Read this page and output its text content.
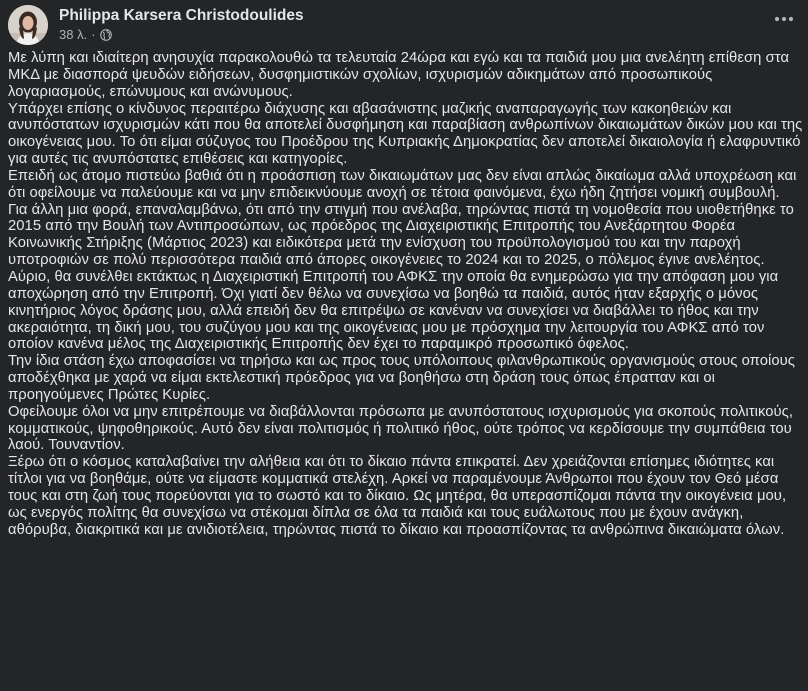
Philippa Karsera Christodoulides
38 λ. ·

Με λύπη και ιδιαίτερη ανησυχία παρακολουθώ τα τελευταία 24ώρα και εγώ και τα παιδιά μου μια ανελέητη επίθεση στα ΜΚΔ με διασπορά ψευδών ειδήσεων, δυσφημιστικών σχολίων, ισχυρισμών αδικημάτων από προσωπικούς λογαριασμούς, επώνυμους και ανώνυμους.

Υπάρχει επίσης ο κίνδυνος περαιτέρω διάχυσης και αβασάνιστης μαζικής αναπαραγωγής των κακοηθειών και ανυπόστατων ισχυρισμών κάτι που θα αποτελεί δυσφήμηση και παραβίαση ανθρωπίνων δικαιωμάτων δικών μου και της οικογένειας μου. Το ότι είμαι σύζυγος του Προέδρου της Κυπριακής Δημοκρατίας δεν αποτελεί δικαιολογία ή ελαφρυντικό για αυτές τις ανυπόστατες επιθέσεις και κατηγορίες.

Επειδή ως άτομο πιστεύω βαθιά ότι η προάσπιση των δικαιωμάτων μας δεν είναι απλώς δικαίωμα αλλά υποχρέωση και ότι οφείλουμε να παλεύουμε και να μην επιδεικνύουμε ανοχή σε τέτοια φαινόμενα, έχω ήδη ζητήσει νομική συμβουλή.

Για άλλη μια φορά, επαναλαμβάνω, ότι από την στιγμή που ανέλαβα, τηρώντας πιστά τη νομοθεσία που υιοθετήθηκε το 2015 από την Βουλή των Αντιπροσώπων, ως πρόεδρος της Διαχειριστικής Επιτροπής του Ανεξάρτητου Φορέα Κοινωνικής Στήριξης (Μάρτιος 2023) και ειδικότερα μετά την ενίσχυση του προϋπολογισμού του και την παροχή υποτροφιών σε πολύ περισσότερα παιδιά από άπορες οικογένειες το 2024 και το 2025, ο πόλεμος έγινε ανελέητος.

Αύριο, θα συνέλθει εκτάκτως η Διαχειριστική Επιτροπή του ΑΦΚΣ την οποία θα ενημερώσω για την απόφαση μου για αποχώρηση από την Επιτροπή. Όχι γιατί δεν θέλω να συνεχίσω να βοηθώ τα παιδιά, αυτός ήταν εξαρχής ο μόνος κινητήριος λόγος δράσης μου, αλλά επειδή δεν θα επιτρέψω σε κανέναν να συνεχίσει να διαβάλλει το ήθος και την ακεραιότητα, τη δική μου, του συζύγου μου και της οικογένειας μου με πρόσχημα την λειτουργία του ΑΦΚΣ από τον οποίον κανένα μέλος της Διαχειριστικής Επιτροπής δεν έχει το παραμικρό προσωπικό όφελος.

Την ίδια στάση έχω αποφασίσει να τηρήσω και ως προς τους υπόλοιπους φιλανθρωπικούς οργανισμούς στους οποίους αποδέχθηκα με χαρά να είμαι εκτελεστική πρόεδρος για να βοηθήσω στη δράση τους όπως έπρατταν και οι προηγούμενες Πρώτες Κυρίες.

Οφείλουμε όλοι να μην επιτρέπουμε να διαβάλλονται πρόσωπα με ανυπόστατους ισχυρισμούς για σκοπούς πολιτικούς, κομματικούς, ψηφοθηρικούς. Αυτό δεν είναι πολιτισμός ή πολιτικό ήθος, ούτε τρόπος να κερδίσουμε την συμπάθεια του λαού. Τουναντίον.

Ξέρω ότι ο κόσμος καταλαβαίνει την αλήθεια και ότι το δίκαιο πάντα επικρατεί. Δεν χρειάζονται επίσημες ιδιότητες και τίτλοι για να βοηθάμε, ούτε να είμαστε κομματικά στελέχη. Αρκεί να παραμένουμε Άνθρωποι που έχουν τον Θεό μέσα τους και στη ζωή τους πορεύονται για το σωστό και το δίκαιο. Ως μητέρα, θα υπερασπίζομαι πάντα την οικογένεια μου, ως ενεργός πολίτης θα συνεχίσω να στέκομαι δίπλα σε όλα τα παιδιά και τους ευάλωτους που με έχουν ανάγκη, αθόρυβα, διακριτικά και με ανιδιοτέλεια, τηρώντας πιστά το δίκαιο και προασπίζοντας τα ανθρώπινα δικαιώματα όλων.
